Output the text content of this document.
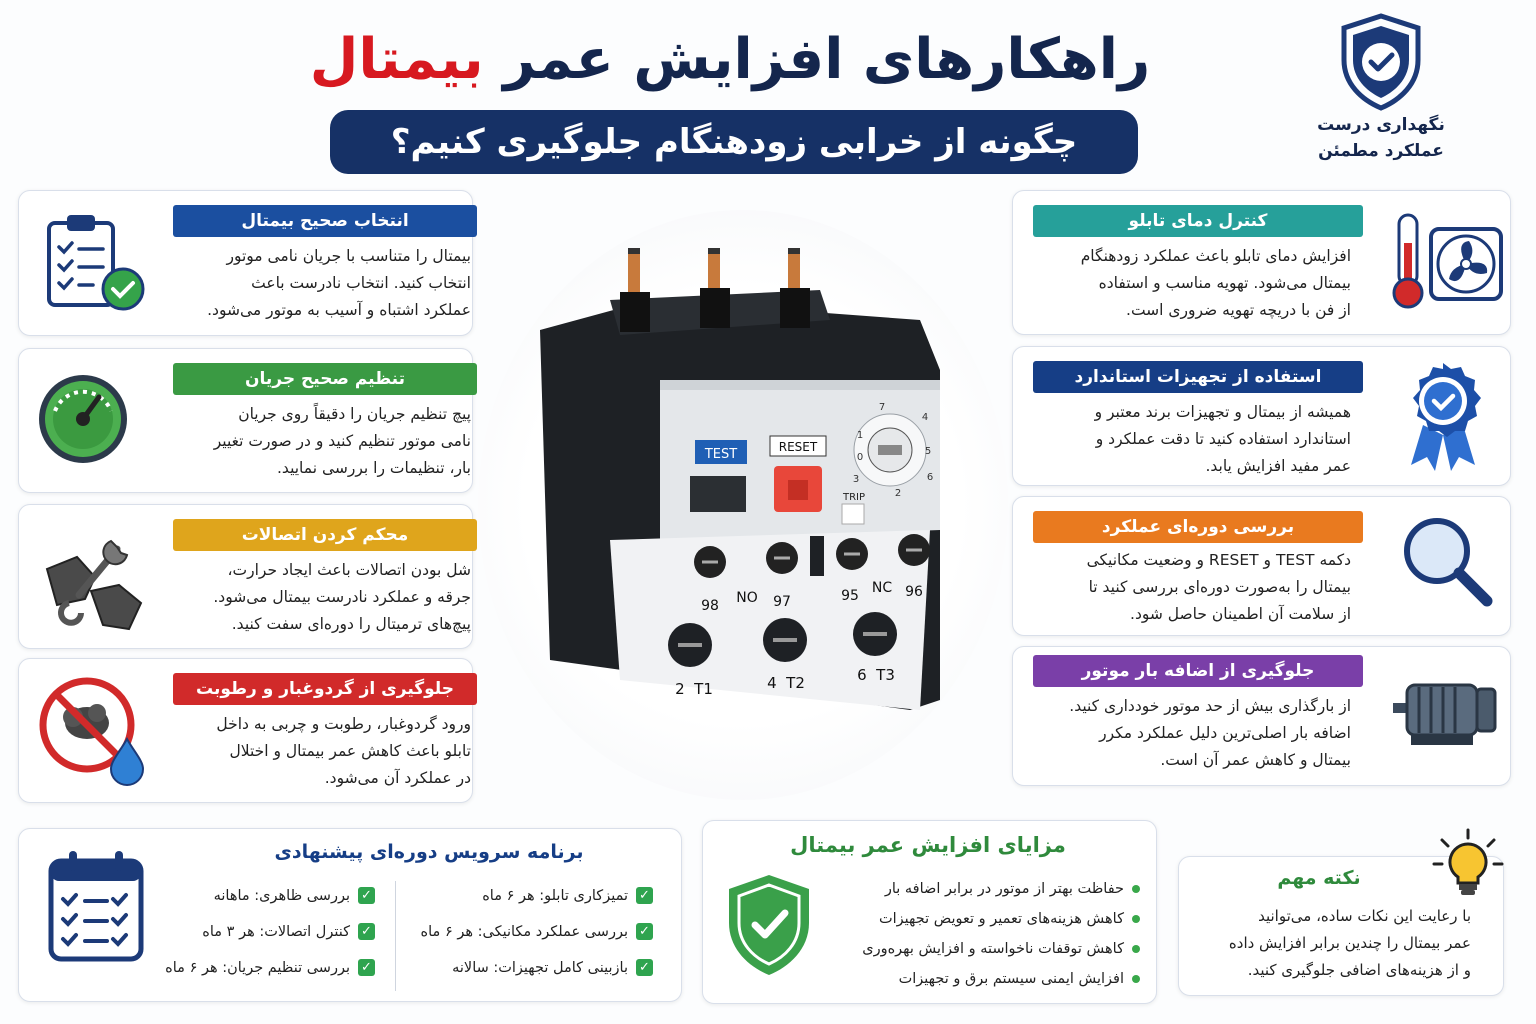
راهکارهای افزایش عمر بیمتال
چگونه از خرابی زودهنگام جلوگیری کنیم؟	نگهداری درست
عملکرد مطمئن
انتخاب صحیح بیمتال
بیمتال را متناسب با جریان نامی موتور
انتخاب کنید. انتخاب نادرست باعث
عملکرد اشتباه و آسیب به موتور می‌شود.
تنظیم صحیح جریان
پیچ تنظیم جریان را دقیقاً روی جریان
نامی موتور تنظیم کنید و در صورت تغییر
بار، تنظیمات را بررسی نمایید.
محکم کردن اتصالات
شل بودن اتصالات باعث ایجاد حرارت،
جرقه و عملکرد نادرست بیمتال می‌شود.
پیچ‌های ترمیتال را دوره‌ای سفت کنید.
جلوگیری از گردوغبار و رطوبت
ورود گردوغبار، رطوبت و چربی به داخل
تابلو باعث کاهش عمر بیمتال و اختلال
در عملکرد آن می‌شود.
کنترل دمای تابلو
افزایش دمای تابلو باعث عملکرد زودهنگام
بیمتال می‌شود. تهویه مناسب و استفاده
از فن با دریچه تهویه ضروری است.
استفاده از تجهیزات استاندارد
همیشه از بیمتال و تجهیزات برند معتبر و
استاندارد استفاده کنید تا دقت عملکرد و
عمر مفید افزایش یابد.
بررسی دوره‌ای عملکرد
دکمه TEST و RESET و وضعیت مکانیکی
بیمتال را به‌صورت دوره‌ای بررسی کنید تا
از سلامت آن اطمینان حاصل شود.
جلوگیری از اضافه بار موتور
از بارگذاری بیش از حد موتور خودداری کنید.
اضافه بار اصلی‌ترین دلیل عملکرد مکرر
بیمتال و کاهش عمر آن است.
TEST	RESET
1
0
2
3
4
5
6
7
TRIP
98 NO 97	95 NC 96
2  T1	4  T2	6  T3
برنامه سرویس دوره‌ای پیشنهادی
✓
تمیزکاری تابلو: هر ۶ ماه
✓
بررسی عملکرد مکانیکی: هر ۶ ماه
✓
بازبینی کامل تجهیزات: سالانه
✓
بررسی ظاهری: ماهانه
✓
کنترل اتصالات: هر ۳ ماه
✓
بررسی تنظیم جریان: هر ۶ ماه
مزایای افزایش عمر بیمتال
حفاظت بهتر از موتور در برابر اضافه بار
کاهش هزینه‌های تعمیر و تعویض تجهیزات
کاهش توقفات ناخواسته و افزایش بهره‌وری
افزایش ایمنی سیستم برق و تجهیزات
نکته مهم
با رعایت این نکات ساده، می‌توانید
عمر بیمتال را چندین برابر افزایش داده
و از هزینه‌های اضافی جلوگیری کنید.
